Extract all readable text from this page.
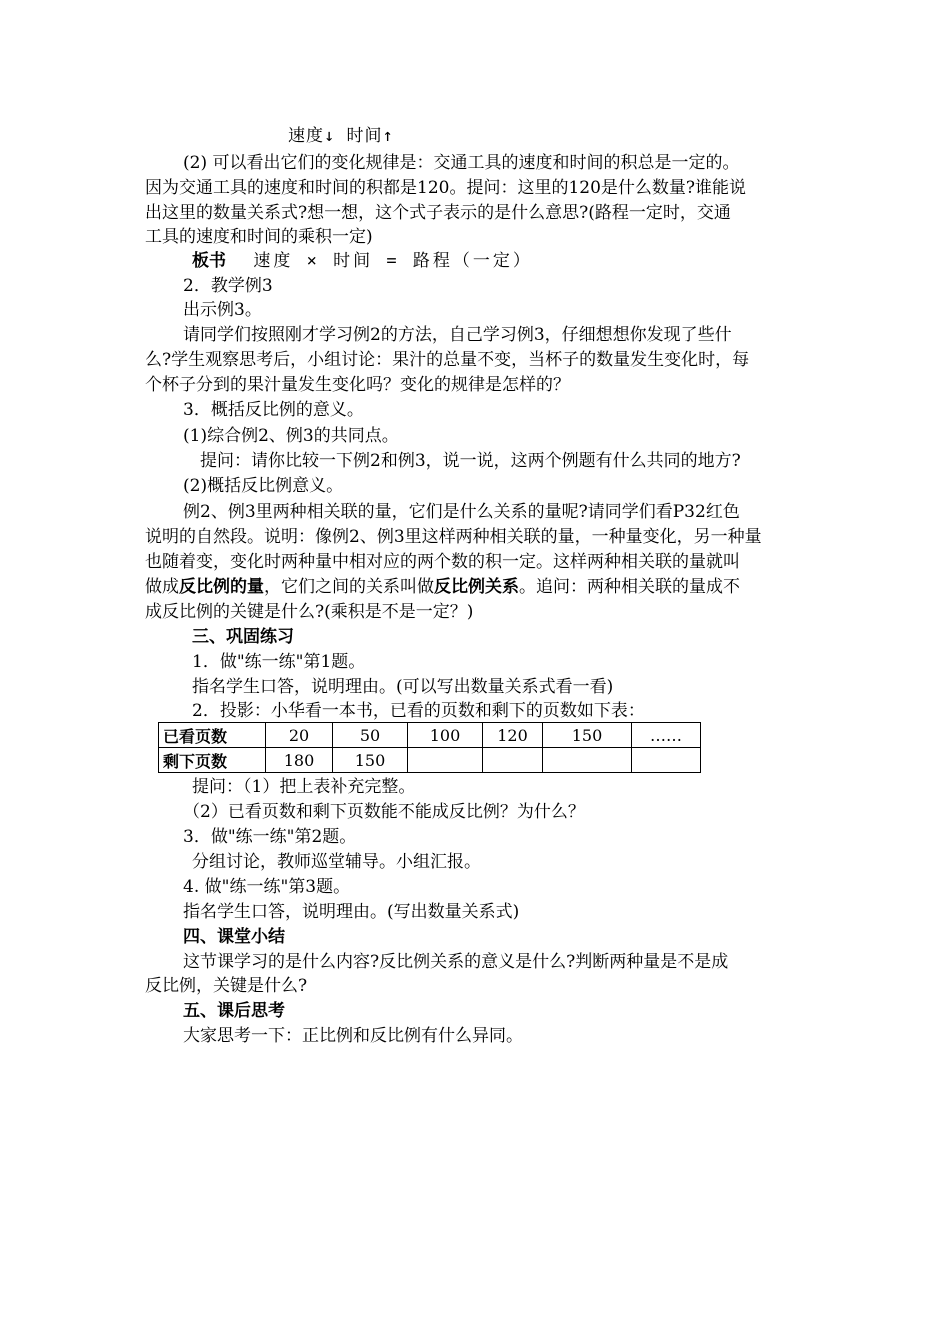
速度↓ 时间↑
(2) 可以看出它们的变化规律是：交通工具的速度和时间的积总是一定的。
因为交通工具的速度和时间的积都是120。提问：这里的120是什么数量?谁能说
出这里的数量关系式?想一想，这个式子表示的是什么意思?(路程一定时，交通
工具的速度和时间的乘积一定)
板书 速度 × 时间 = 路程（一定）
2．教学例3
出示例3。
请同学们按照刚才学习例2的方法，自己学习例3，仔细想想你发现了些什
么?学生观察思考后，小组讨论：果汁的总量不变，当杯子的数量发生变化时，每
个杯子分到的果汁量发生变化吗？变化的规律是怎样的？
3．概括反比例的意义。
(1)综合例2、例3的共同点。
提问：请你比较一下例2和例3，说一说，这两个例题有什么共同的地方?
(2)概括反比例意义。
例2、例3里两种相关联的量，它们是什么关系的量呢?请同学们看P32红色
说明的自然段。说明：像例2、例3里这样两种相关联的量，一种量变化，另一种量
也随着变，变化时两种量中相对应的两个数的积一定。这样两种相关联的量就叫
做成反比例的量，它们之间的关系叫做反比例关系。追问：两种相关联的量成不
成反比例的关键是什么?(乘积是不是一定？)
三、巩固练习
1．做"练一练"第1题。
指名学生口答，说明理由。(可以写出数量关系式看一看)
2．投影：小华看一本书，已看的页数和剩下的页数如下表：
已看页数	20	50	100	120	150	……
剩下页数	180	150				
提问：（1）把上表补充完整。
（2）已看页数和剩下页数能不能成反比例？为什么？
3．做"练一练"第2题。
分组讨论，教师巡堂辅导。小组汇报。
4. 做"练一练"第3题。
指名学生口答，说明理由。(写出数量关系式)
四、课堂小结
这节课学习的是什么内容?反比例关系的意义是什么?判断两种量是不是成
反比例，关键是什么?
五、课后思考
大家思考一下：正比例和反比例有什么异同。
